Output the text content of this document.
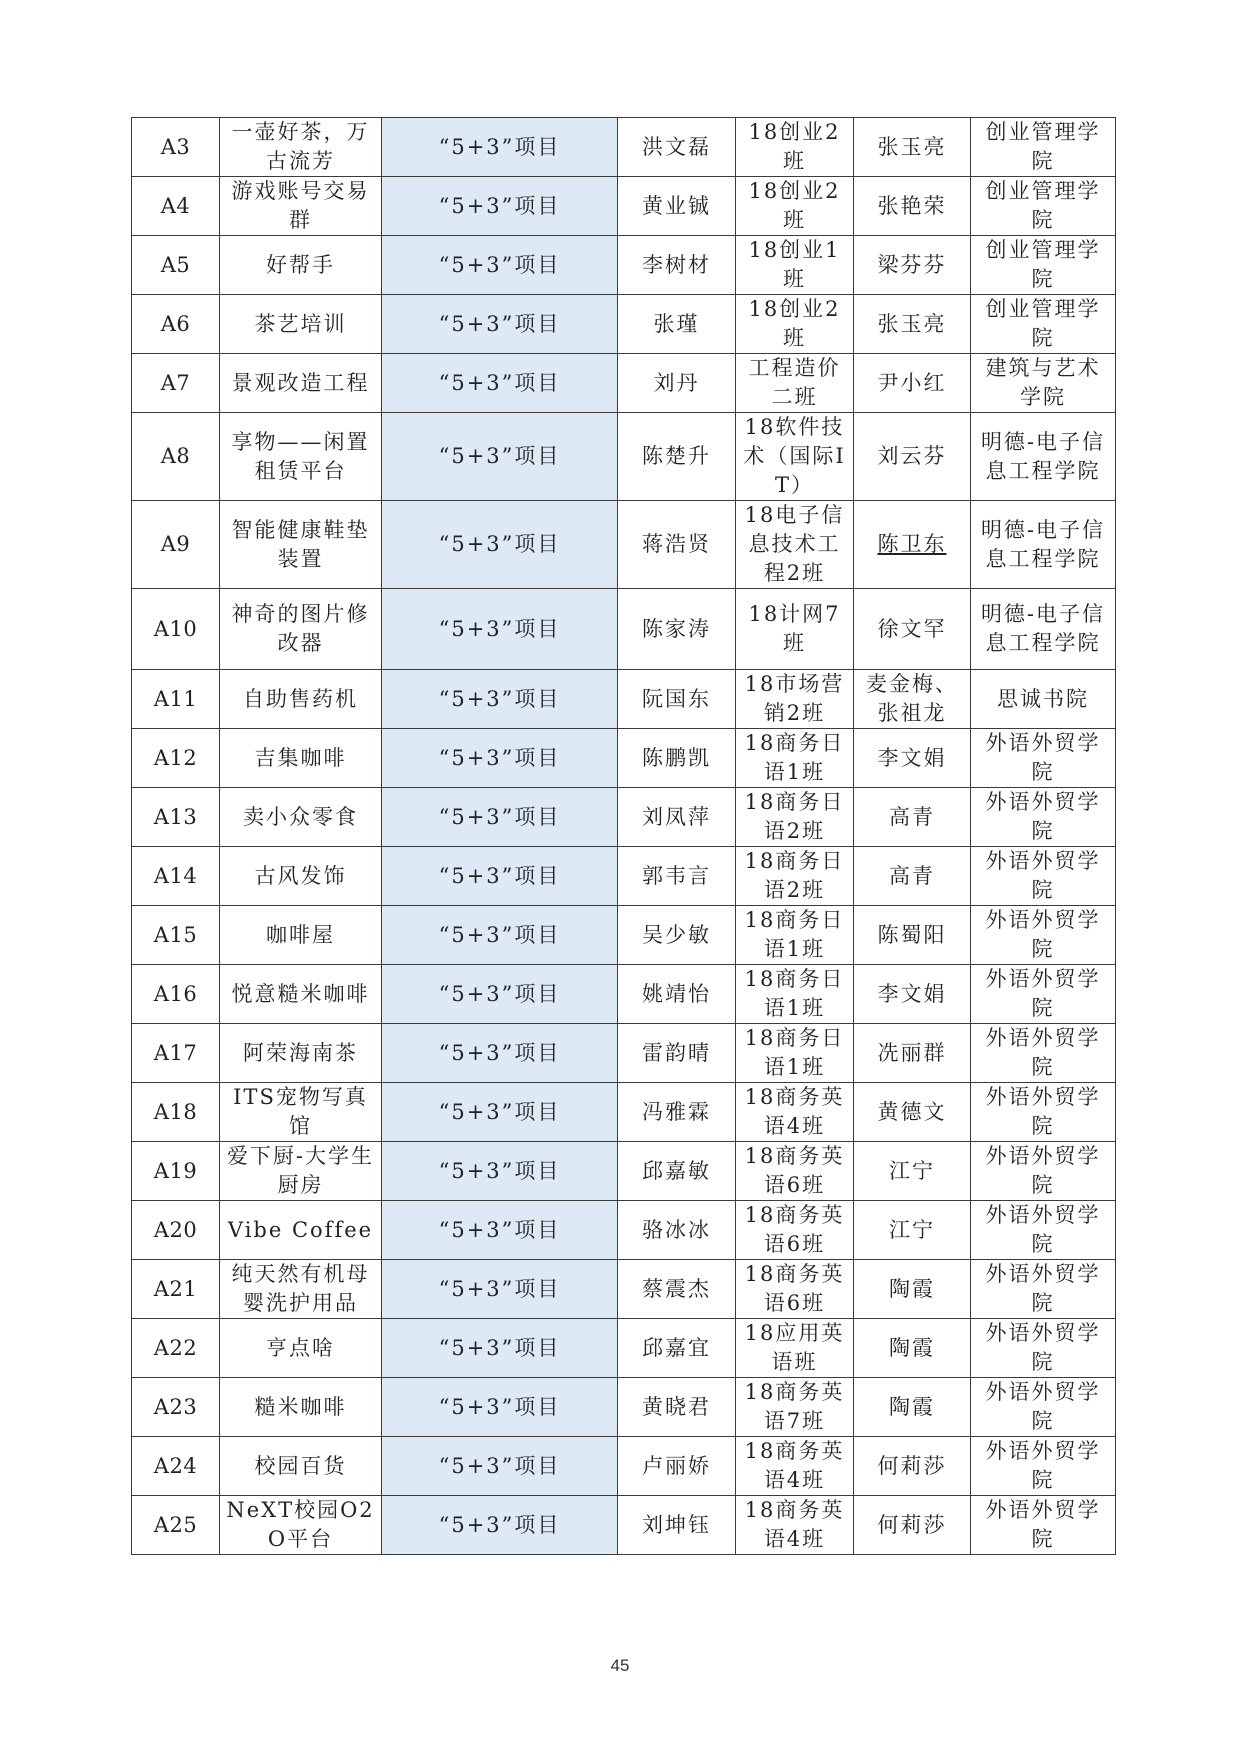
A3	一壶好茶，万古流芳	“5+3”项目	洪文磊	18创业2班	张玉亮	创业管理学院
A4	游戏账号交易群	“5+3”项目	黄业铖	18创业2班	张艳荣	创业管理学院
A5	好帮手	“5+3”项目	李树材	18创业1班	梁芬芬	创业管理学院
A6	茶艺培训	“5+3”项目	张瑾	18创业2班	张玉亮	创业管理学院
A7	景观改造工程	“5+3”项目	刘丹	工程造价二班	尹小红	建筑与艺术学院
A8	享物——闲置租赁平台	“5+3”项目	陈楚升	18软件技术（国际IT）	刘云芬	明德-电子信息工程学院
A9	智能健康鞋垫装置	“5+3”项目	蒋浩贤	18电子信息技术工程2班	陈卫东	明德-电子信息工程学院
A10	神奇的图片修改器	“5+3”项目	陈家涛	18计网7班	徐文罕	明德-电子信息工程学院
A11	自助售药机	“5+3”项目	阮国东	18市场营销2班	麦金梅、张祖龙	思诚书院
A12	吉集咖啡	“5+3”项目	陈鹏凯	18商务日语1班	李文娟	外语外贸学院
A13	卖小众零食	“5+3”项目	刘凤萍	18商务日语2班	高青	外语外贸学院
A14	古风发饰	“5+3”项目	郭韦言	18商务日语2班	高青	外语外贸学院
A15	咖啡屋	“5+3”项目	吴少敏	18商务日语1班	陈蜀阳	外语外贸学院
A16	悦意糙米咖啡	“5+3”项目	姚靖怡	18商务日语1班	李文娟	外语外贸学院
A17	阿荣海南茶	“5+3”项目	雷韵晴	18商务日语1班	冼丽群	外语外贸学院
A18	ITS宠物写真馆	“5+3”项目	冯雅霖	18商务英语4班	黄德文	外语外贸学院
A19	爱下厨-大学生厨房	“5+3”项目	邱嘉敏	18商务英语6班	江宁	外语外贸学院
A20	Vibe Coffee	“5+3”项目	骆冰冰	18商务英语6班	江宁	外语外贸学院
A21	纯天然有机母婴洗护用品	“5+3”项目	蔡震杰	18商务英语6班	陶霞	外语外贸学院
A22	亨点啥	“5+3”项目	邱嘉宜	18应用英语班	陶霞	外语外贸学院
A23	糙米咖啡	“5+3”项目	黄晓君	18商务英语7班	陶霞	外语外贸学院
A24	校园百货	“5+3”项目	卢丽娇	18商务英语4班	何莉莎	外语外贸学院
A25	NeXT校园O2O平台	“5+3”项目	刘坤钰	18商务英语4班	何莉莎	外语外贸学院
45
